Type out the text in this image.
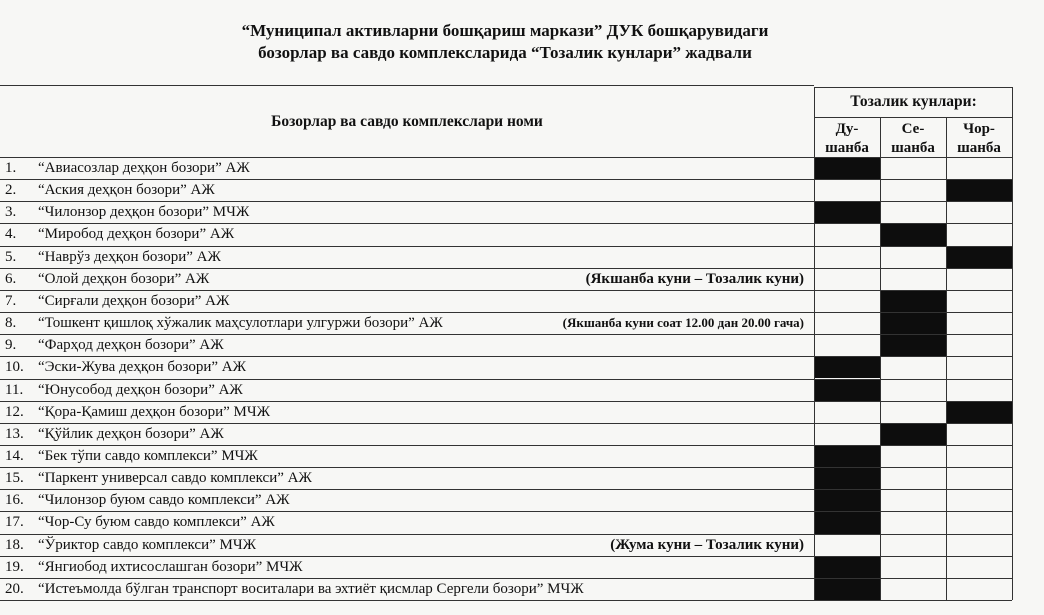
“Муниципал активларни бошқариш маркази” ДУК бошқарувидаги
бозорлар ва савдо комплексларида “Тозалик кунлари” жадвали
Бозорлар ва савдо комплекслари номи
Тозалик кунлари:
Ду-
шанба
Се-
шанба
Чор-
шанба
1. “Авиасозлар деҳқон бозори” АЖ
2. “Аския деҳқон бозори” АЖ
3. “Чилонзор деҳқон бозори” МЧЖ
4. “Миробод деҳқон бозори” АЖ
5. “Наврўз деҳқон бозори” АЖ
6. “Олой деҳқон бозори” АЖ	(Якшанба куни – Тозалик куни)
7. “Сирғали деҳқон бозори” АЖ
8. “Тошкент қишлоқ хўжалик маҳсулотлари улгуржи бозори” АЖ	(Якшанба куни соат 12.00 дан 20.00 гача)
9. “Фарҳод деҳқон бозори” АЖ
10. “Эски-Жува деҳқон бозори” АЖ
11. “Юнусобод деҳқон бозори” АЖ
12. “Қора-Қамиш деҳқон бозори” МЧЖ
13. “Қўйлик деҳқон бозори” АЖ
14. “Бек тўпи савдо комплекси” МЧЖ
15. “Паркент универсал савдо комплекси” АЖ
16. “Чилонзор буюм савдо комплекси” АЖ
17. “Чор-Су буюм савдо комплекси” АЖ
18. “Ўриктор савдо комплекси” МЧЖ	(Жума куни – Тозалик куни)
19. “Янгиобод ихтисослашган бозори” МЧЖ
20. “Истеъмолда бўлган транспорт воситалари ва эхтиёт қисмлар Сергели бозори” МЧЖ
